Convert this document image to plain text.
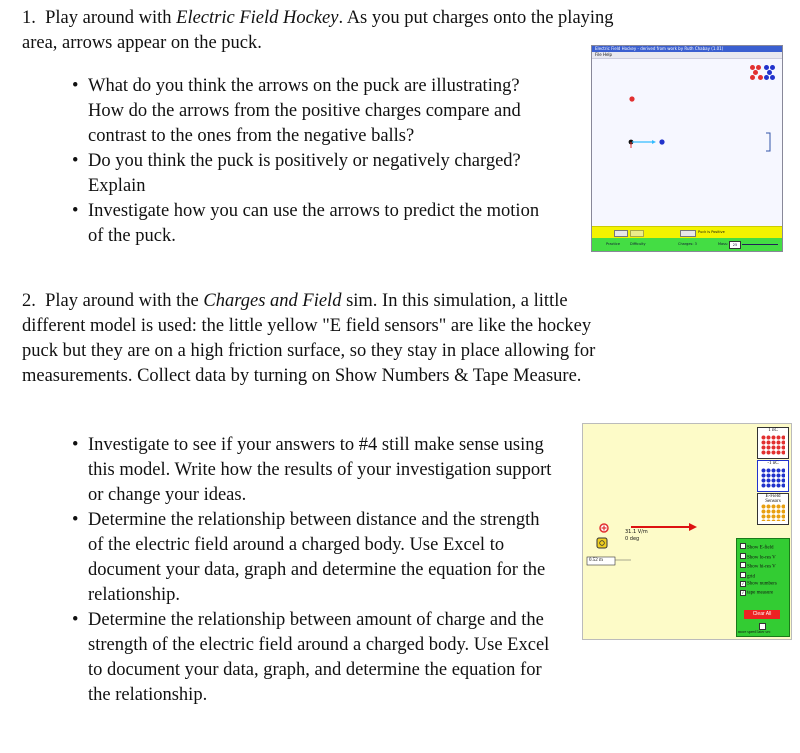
1. Play around with Electric Field Hockey. As you put charges onto the playing area, arrows appear on the puck.

• What do you think the arrows on the puck are illustrating? How do the arrows from the positive charges compare and contrast to the ones from the negative balls?
• Do you think the puck is positively or negatively charged? Explain
• Investigate how you can use the arrows to predict the motion of the puck.
Electric Field Hockey - derived from work by Ruth Chabay (1.01)
File Help
Puck is Positive
Practice	Difficulty	Charges: 3	Mass:	25

2. Play around with the Charges and Field sim. In this simulation, a little different model is used: the little yellow "E field sensors" are like the hockey puck but they are on a high friction surface, so they stay in place allowing for measurements. Collect data by turning on Show Numbers & Tape Measure.

• Investigate to see if your answers to #4 still make sense using this model. Write how the results of your investigation support or change your ideas.
• Determine the relationship between distance and the strength of the electric field around a charged body. Use Excel to document your data, graph and determine the equation for the relationship.
• Determine the relationship between amount of charge and the strength of the electric field around a charged body. Use Excel to document your data, graph, and determine the equation for the relationship.
1 nC
-1 nC
E-Field Sensors
31.1 V/m
0 deg
0.52 m
Show E-field
Show lo-res V
Show hi-res V
grid
✓ Show numbers
✓ tape measure
Clear All
more speed later sec
